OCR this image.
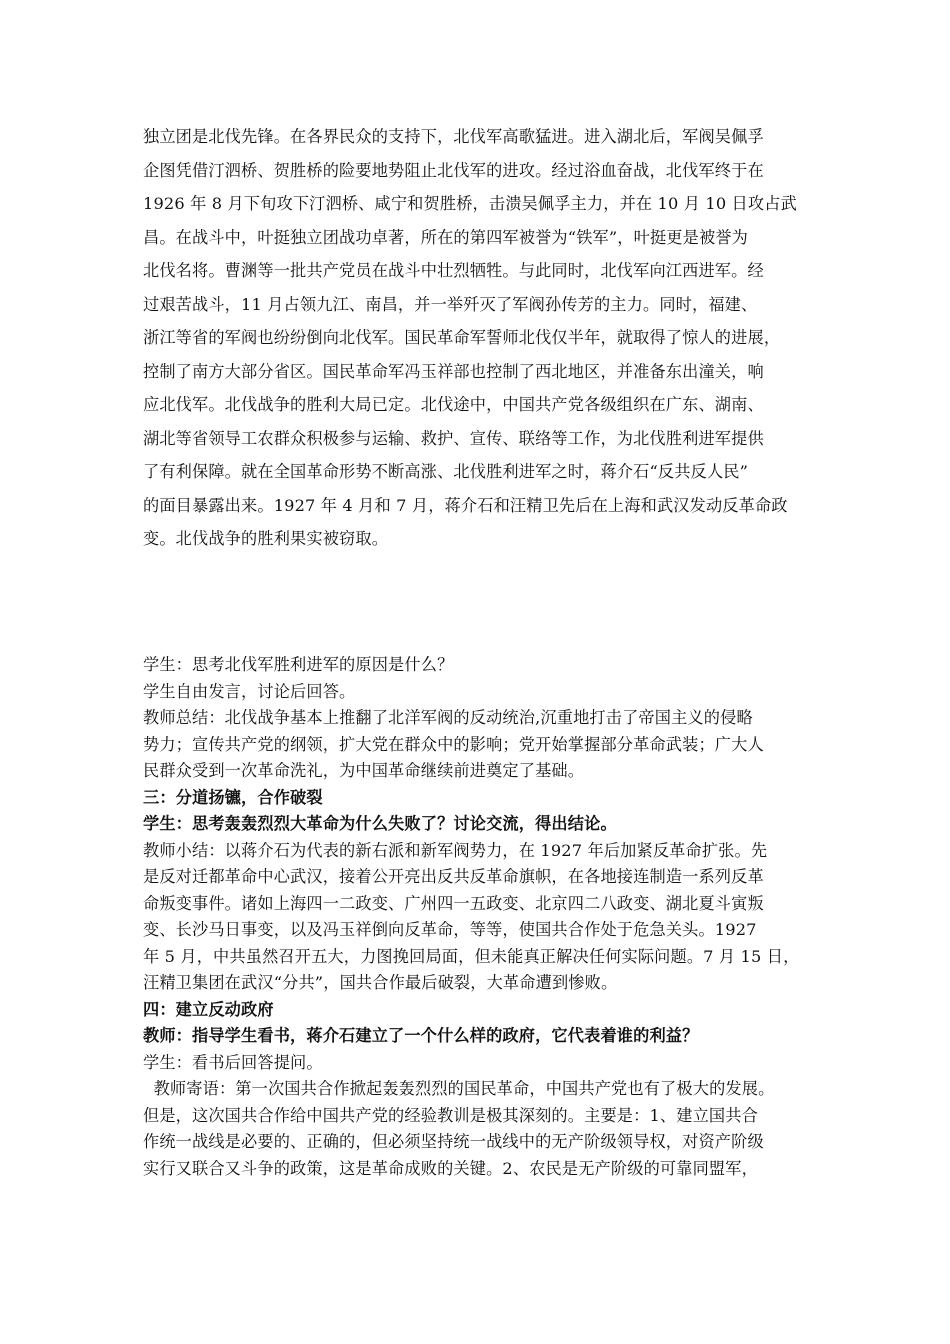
独立团是北伐先锋。在各界民众的支持下，北伐军高歌猛进。进入湖北后，军阀吴佩孚

企图凭借汀泗桥、贺胜桥的险要地势阻止北伐军的进攻。经过浴血奋战，北伐军终于在

1926 年 8 月下旬攻下汀泗桥、咸宁和贺胜桥，击溃吴佩孚主力，并在 10 月 10 日攻占武

昌。在战斗中，叶挺独立团战功卓著，所在的第四军被誉为“铁军”，叶挺更是被誉为

北伐名将。曹渊等一批共产党员在战斗中壮烈牺牲。与此同时，北伐军向江西进军。经

过艰苦战斗，11 月占领九江、南昌，并一举歼灭了军阀孙传芳的主力。同时，福建、

浙江等省的军阀也纷纷倒向北伐军。国民革命军誓师北伐仅半年，就取得了惊人的进展，

控制了南方大部分省区。国民革命军冯玉祥部也控制了西北地区，并准备东出潼关，响

应北伐军。北伐战争的胜利大局已定。北伐途中，中国共产党各级组织在广东、湖南、

湖北等省领导工农群众积极参与运输、救护、宣传、联络等工作，为北伐胜利进军提供

了有利保障。就在全国革命形势不断高涨、北伐胜利进军之时，蒋介石“反共反人民”

的面目暴露出来。1927 年 4 月和 7 月，蒋介石和汪精卫先后在上海和武汉发动反革命政

变。北伐战争的胜利果实被窃取。

学生：思考北伐军胜利进军的原因是什么？

学生自由发言，讨论后回答。

教师总结：北伐战争基本上推翻了北洋军阀的反动统治,沉重地打击了帝国主义的侵略

势力；宣传共产党的纲领，扩大党在群众中的影响；党开始掌握部分革命武装；广大人

民群众受到一次革命洗礼，为中国革命继续前进奠定了基础。

三：分道扬镳，合作破裂

学生：思考轰轰烈烈大革命为什么失败了？讨论交流，得出结论。

教师小结：以蒋介石为代表的新右派和新军阀势力，在 1927 年后加紧反革命扩张。先

是反对迁都革命中心武汉，接着公开亮出反共反革命旗帜，在各地接连制造一系列反革

命叛变事件。诸如上海四一二政变、广州四一五政变、北京四二八政变、湖北夏斗寅叛

变、长沙马日事变，以及冯玉祥倒向反革命，等等，使国共合作处于危急关头。1927

年 5 月，中共虽然召开五大，力图挽回局面，但未能真正解决任何实际问题。7 月 15 日，

汪精卫集团在武汉“分共”，国共合作最后破裂，大革命遭到惨败。

四：建立反动政府

教师：指导学生看书，蒋介石建立了一个什么样的政府，它代表着谁的利益？

学生：看书后回答提问。

教师寄语：第一次国共合作掀起轰轰烈烈的国民革命，中国共产党也有了极大的发展。

但是，这次国共合作给中国共产党的经验教训是极其深刻的。主要是：1、建立国共合

作统一战线是必要的、正确的，但必须坚持统一战线中的无产阶级领导权，对资产阶级

实行又联合又斗争的政策，这是革命成败的关键。2、农民是无产阶级的可靠同盟军，
